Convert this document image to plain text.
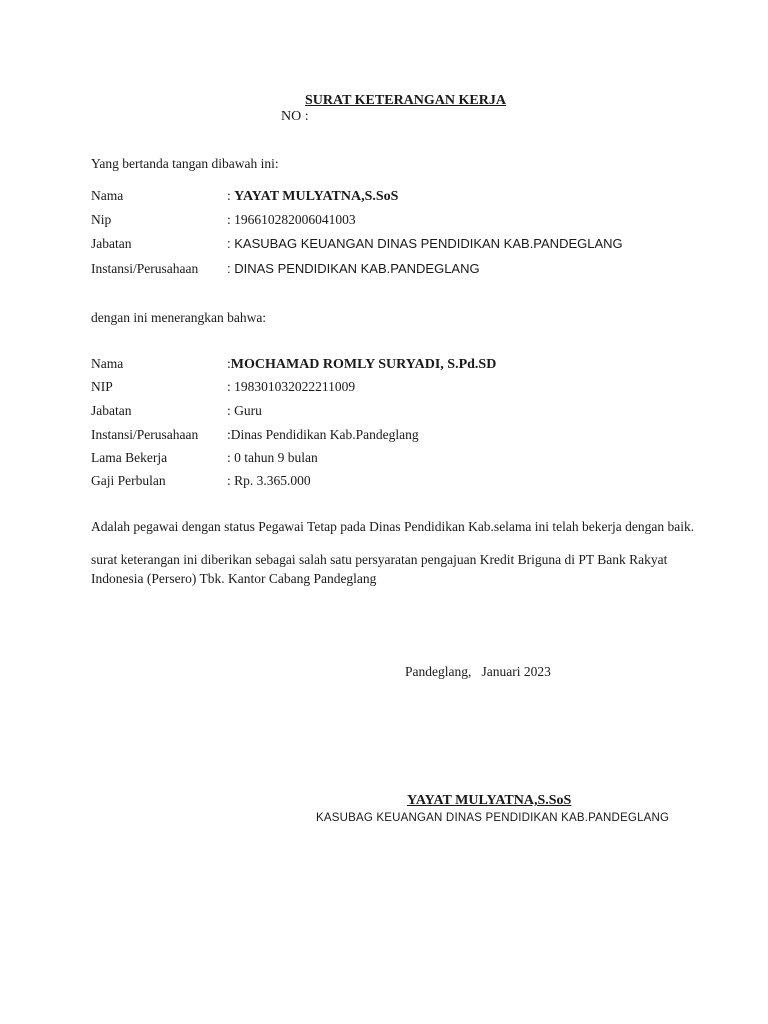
SURAT KETERANGAN KERJA
NO :
Yang bertanda tangan dibawah ini:
Nama	: YAYAT MULYATNA,S.SoS
Nip	: 196610282006041003
Jabatan	: KASUBAG KEUANGAN DINAS PENDIDIKAN KAB.PANDEGLANG
Instansi/Perusahaan : DINAS PENDIDIKAN KAB.PANDEGLANG
dengan ini menerangkan bahwa:
Nama	:MOCHAMAD ROMLY SURYADI, S.Pd.SD
NIP	: 198301032022211009
Jabatan	: Guru
Instansi/Perusahaan :Dinas Pendidikan Kab.Pandeglang
Lama Bekerja	: 0 tahun 9 bulan
Gaji Perbulan	: Rp. 3.365.000
Adalah pegawai dengan status Pegawai Tetap pada Dinas Pendidikan Kab.selama ini telah bekerja dengan baik.
surat keterangan ini diberikan sebagai salah satu persyaratan pengajuan Kredit Briguna di PT Bank Rakyat
Indonesia (Persero) Tbk. Kantor Cabang Pandeglang
Pandeglang,   Januari 2023
YAYAT MULYATNA,S.SoS
KASUBAG KEUANGAN DINAS PENDIDIKAN KAB.PANDEGLANG
